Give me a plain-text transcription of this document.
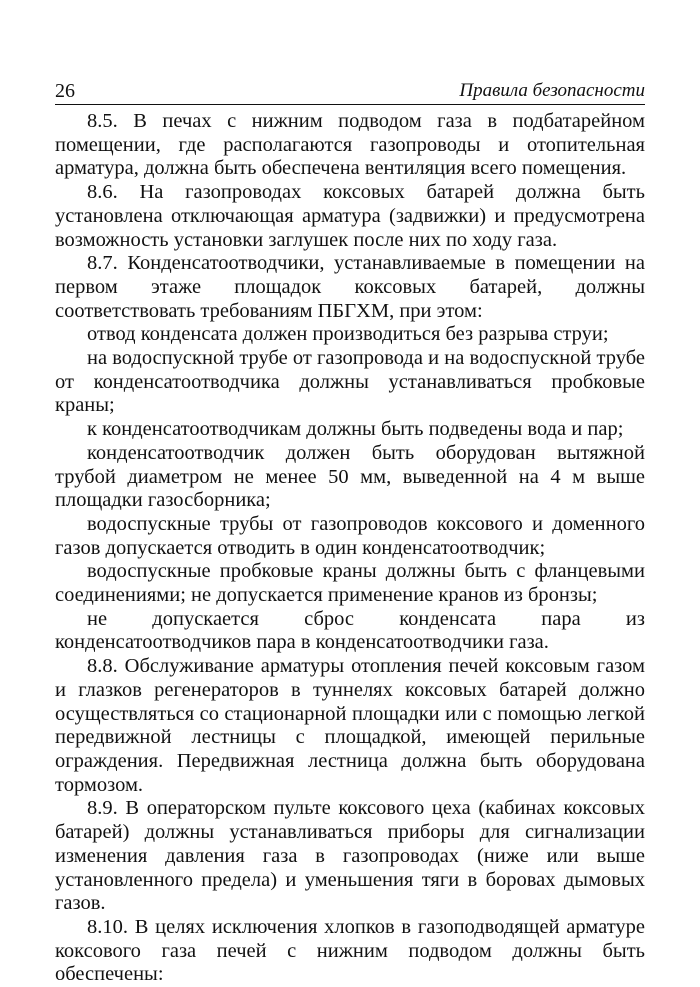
26	Правила безопасности

8.5. В печах с нижним подводом газа в подбатарейном помещении, где располагаются газопроводы и отопительная арматура, должна быть обеспечена вентиляция всего помещения.

8.6. На газопроводах коксовых батарей должна быть установлена отключающая арматура (задвижки) и предусмотрена возможность установки заглушек после них по ходу газа.

8.7. Конденсатоотводчики, устанавливаемые в помещении на первом этаже площадок коксовых батарей, должны соответствовать требованиям ПБГХМ, при этом:

отвод конденсата должен производиться без разрыва струи;

на водоспускной трубе от газопровода и на водоспускной трубе от конденсатоотводчика должны устанавливаться пробковые краны;

к конденсатоотводчикам должны быть подведены вода и пар;

конденсатоотводчик должен быть оборудован вытяжной трубой диаметром не менее 50 мм, выведенной на 4 м выше площадки газосборника;

водоспускные трубы от газопроводов коксового и доменного газов допускается отводить в один конденсатоотводчик;

водоспускные пробковые краны должны быть с фланцевыми соединениями; не допускается применение кранов из бронзы;

не допускается сброс конденсата пара из конденсатоотводчиков пара в конденсатоотводчики газа.

8.8. Обслуживание арматуры отопления печей коксовым газом и глазков регенераторов в туннелях коксовых батарей должно осуществляться со стационарной площадки или с помощью легкой передвижной лестницы с площадкой, имеющей перильные ограждения. Передвижная лестница должна быть оборудована тормозом.

8.9. В операторском пульте коксового цеха (кабинах коксовых батарей) должны устанавливаться приборы для сигнализации изменения давления газа в газопроводах (ниже или выше установленного предела) и уменьшения тяги в боровах дымовых газов.

8.10. В целях исключения хлопков в газоподводящей арматуре коксового газа печей с нижним подводом должны быть обеспечены:
